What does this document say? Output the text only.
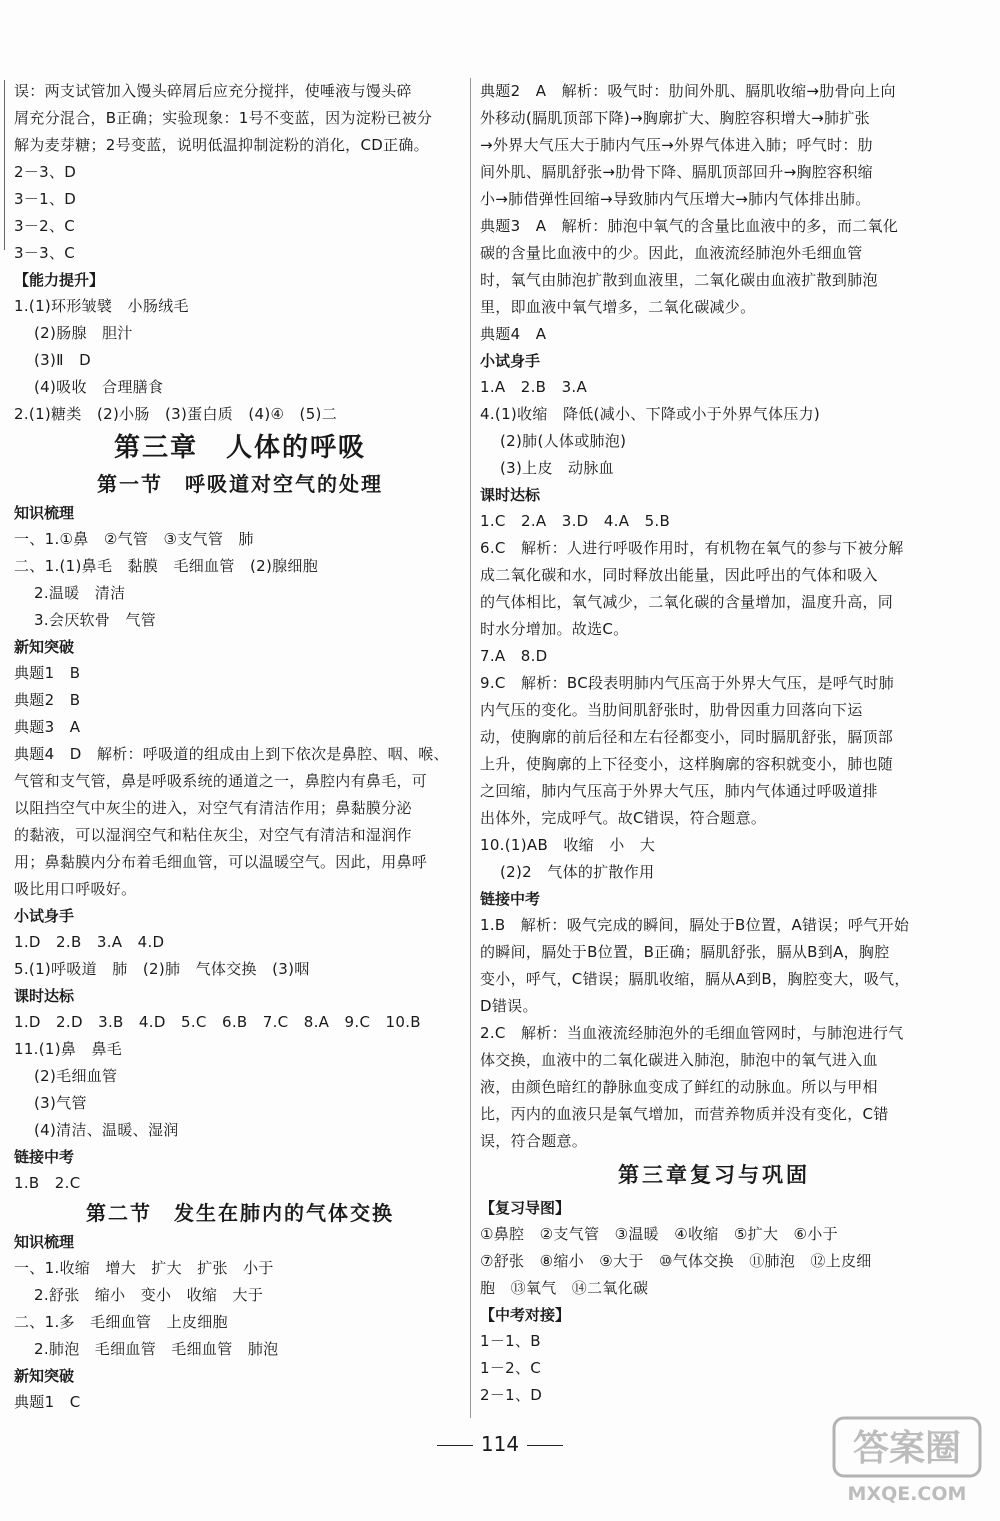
误：两支试管加入馒头碎屑后应充分搅拌，使唾液与馒头碎
屑充分混合，B正确；实验现象：1号不变蓝，因为淀粉已被分
解为麦芽糖；2号变蓝，说明低温抑制淀粉的消化，CD正确。
2－3、D
3－1、D
3－2、C
3－3、C
【能力提升】
1.(1)环形皱襞　小肠绒毛
(2)肠腺　胆汁
(3)Ⅱ　D
(4)吸收　合理膳食
2.(1)糖类　(2)小肠　(3)蛋白质　(4)④　(5)二
第三章　人体的呼吸
第一节　呼吸道对空气的处理
知识梳理
一、1.①鼻　②气管　③支气管　肺
二、1.(1)鼻毛　黏膜　毛细血管　(2)腺细胞
2.温暖　清洁
3.会厌软骨　气管
新知突破
典题1　B
典题2　B
典题3　A
典题4　D　解析：呼吸道的组成由上到下依次是鼻腔、咽、喉、
气管和支气管，鼻是呼吸系统的通道之一，鼻腔内有鼻毛，可
以阻挡空气中灰尘的进入，对空气有清洁作用；鼻黏膜分泌
的黏液，可以湿润空气和粘住灰尘，对空气有清洁和湿润作
用；鼻黏膜内分布着毛细血管，可以温暖空气。因此，用鼻呼
吸比用口呼吸好。
小试身手
1.D　2.B　3.A　4.D
5.(1)呼吸道　肺　(2)肺　气体交换　(3)咽
课时达标
1.D　2.D　3.B　4.D　5.C　6.B　7.C　8.A　9.C　10.B
11.(1)鼻　鼻毛
(2)毛细血管
(3)气管
(4)清洁、温暖、湿润
链接中考
1.B　2.C
第二节　发生在肺内的气体交换
知识梳理
一、1.收缩　增大　扩大　扩张　小于
2.舒张　缩小　变小　收缩　大于
二、1.多　毛细血管　上皮细胞
2.肺泡　毛细血管　毛细血管　肺泡
新知突破
典题1　C
典题2　A　解析：吸气时：肋间外肌、膈肌收缩→肋骨向上向
外移动(膈肌顶部下降)→胸廓扩大、胸腔容积增大→肺扩张
→外界大气压大于肺内气压→外界气体进入肺；呼气时：肋
间外肌、膈肌舒张→肋骨下降、膈肌顶部回升→胸腔容积缩
小→肺借弹性回缩→导致肺内气压增大→肺内气体排出肺。
典题3　A　解析：肺泡中氧气的含量比血液中的多，而二氧化
碳的含量比血液中的少。因此，血液流经肺泡外毛细血管
时，氧气由肺泡扩散到血液里，二氧化碳由血液扩散到肺泡
里，即血液中氧气增多，二氧化碳减少。
典题4　A
小试身手
1.A　2.B　3.A
4.(1)收缩　降低(减小、下降或小于外界气体压力)
(2)肺(人体或肺泡)
(3)上皮　动脉血
课时达标
1.C　2.A　3.D　4.A　5.B
6.C　解析：人进行呼吸作用时，有机物在氧气的参与下被分解
成二氧化碳和水，同时释放出能量，因此呼出的气体和吸入
的气体相比，氧气减少，二氧化碳的含量增加，温度升高，同
时水分增加。故选C。
7.A　8.D
9.C　解析：BC段表明肺内气压高于外界大气压，是呼气时肺
内气压的变化。当肋间肌舒张时，肋骨因重力回落向下运
动，使胸廓的前后径和左右径都变小，同时膈肌舒张，膈顶部
上升，使胸廓的上下径变小，这样胸廓的容积就变小，肺也随
之回缩，肺内气压高于外界大气压，肺内气体通过呼吸道排
出体外，完成呼气。故C错误，符合题意。
10.(1)AB　收缩　小　大
(2)2　气体的扩散作用
链接中考
1.B　解析：吸气完成的瞬间，膈处于B位置，A错误；呼气开始
的瞬间，膈处于B位置，B正确；膈肌舒张，膈从B到A，胸腔
变小，呼气，C错误；膈肌收缩，膈从A到B，胸腔变大，吸气，
D错误。
2.C　解析：当血液流经肺泡外的毛细血管网时，与肺泡进行气
体交换，血液中的二氧化碳进入肺泡，肺泡中的氧气进入血
液，由颜色暗红的静脉血变成了鲜红的动脉血。所以与甲相
比，丙内的血液只是氧气增加，而营养物质并没有变化，C错
误，符合题意。
第三章复习与巩固
【复习导图】
①鼻腔　②支气管　③温暖　④收缩　⑤扩大　⑥小于
⑦舒张　⑧缩小　⑨大于　⑩气体交换　⑪肺泡　⑫上皮细
胞　⑬氧气　⑭二氧化碳
【中考对接】
1－1、B
1－2、C
2－1、D
114	答案圈
MXQE.COM
